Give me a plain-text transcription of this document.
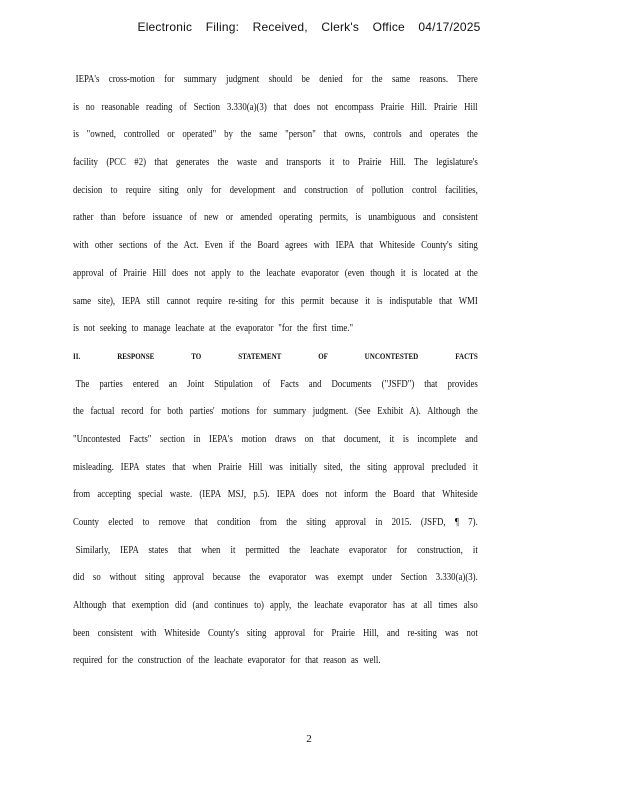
Electronic Filing: Received, Clerk's Office 04/17/2025
IEPA's cross-motion for summary judgment should be denied for the same reasons. There
is no reasonable reading of Section 3.330(a)(3) that does not encompass Prairie Hill. Prairie Hill
is "owned, controlled or operated" by the same "person" that owns, controls and operates the
facility (PCC #2) that generates the waste and transports it to Prairie Hill. The legislature's
decision to require siting only for development and construction of pollution control facilities,
rather than before issuance of new or amended operating permits, is unambiguous and consistent
with other sections of the Act. Even if the Board agrees with IEPA that Whiteside County's siting
approval of Prairie Hill does not apply to the leachate evaporator (even though it is located at the
same site), IEPA still cannot require re-siting for this permit because it is indisputable that WMI
is not seeking to manage leachate at the evaporator "for the first time."
II. RESPONSE TO STATEMENT OF UNCONTESTED FACTS
The parties entered an Joint Stipulation of Facts and Documents ("JSFD") that provides
the factual record for both parties' motions for summary judgment. (See Exhibit A). Although the
"Uncontested Facts" section in IEPA's motion draws on that document, it is incomplete and
misleading. IEPA states that when Prairie Hill was initially sited, the siting approval precluded it
from accepting special waste. (IEPA MSJ, p.5). IEPA does not inform the Board that Whiteside
County elected to remove that condition from the siting approval in 2015. (JSFD, ¶ 7).
Similarly, IEPA states that when it permitted the leachate evaporator for construction, it
did so without siting approval because the evaporator was exempt under Section 3.330(a)(3).
Although that exemption did (and continues to) apply, the leachate evaporator has at all times also
been consistent with Whiteside County's siting approval for Prairie Hill, and re-siting was not
required for the construction of the leachate evaporator for that reason as well.
2
